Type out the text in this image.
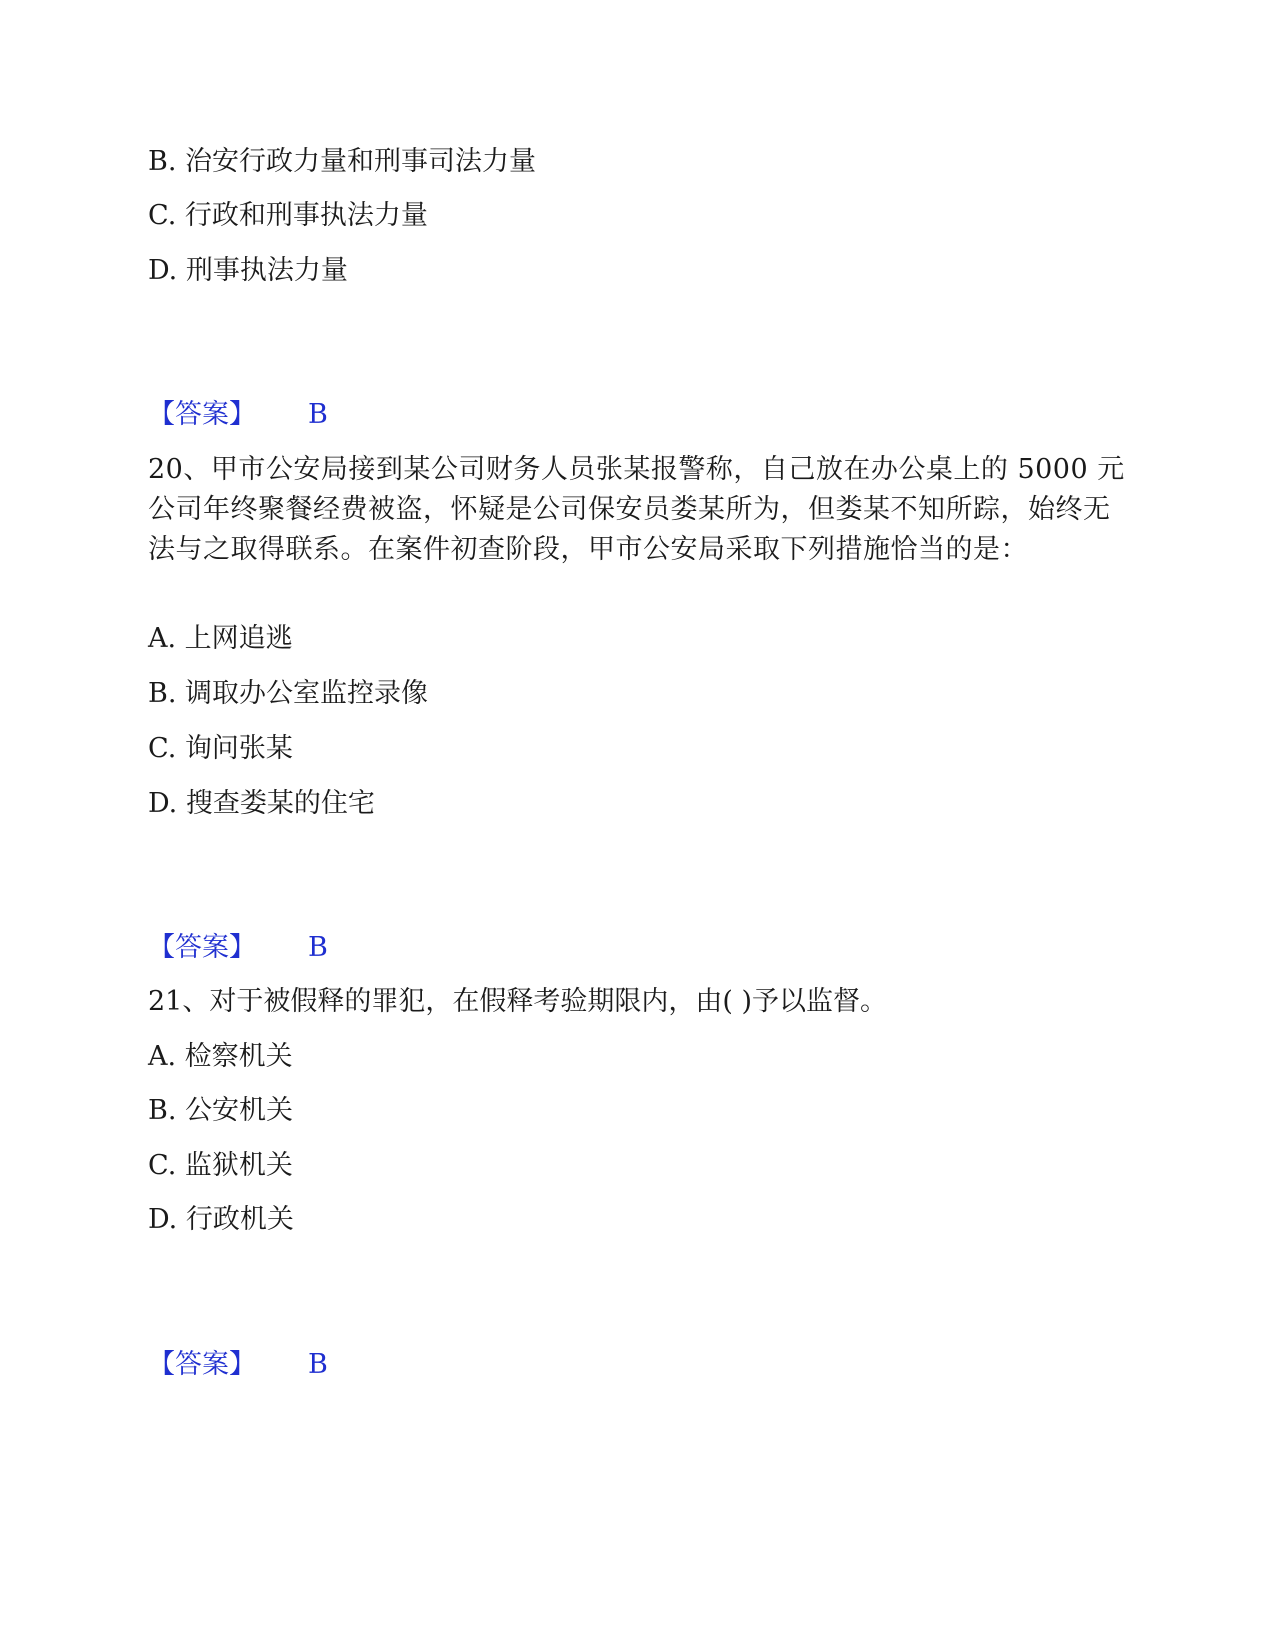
B. 治安行政力量和刑事司法力量
C. 行政和刑事执法力量
D. 刑事执法力量
【答案】 B
20、甲市公安局接到某公司财务人员张某报警称，自己放在办公桌上的 5000 元公司年终聚餐经费被盗，怀疑是公司保安员娄某所为，但娄某不知所踪，始终无法与之取得联系。在案件初查阶段，甲市公安局采取下列措施恰当的是：
A. 上网追逃
B. 调取办公室监控录像
C. 询问张某
D. 搜查娄某的住宅
【答案】 B
21、对于被假释的罪犯，在假释考验期限内，由( )予以监督。
A. 检察机关
B. 公安机关
C. 监狱机关
D. 行政机关
【答案】 B
